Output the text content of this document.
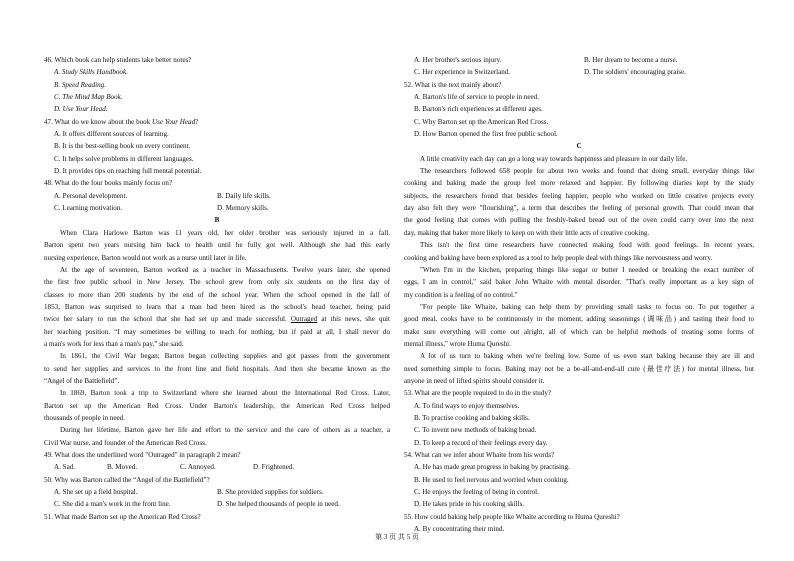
46. Which book can help students take better notes?
A. Study Skills Handbook.
B. Speed Reading.
C. The Mind Map Book.
D. Use Your Head.
47. What do we know about the book Use Your Head?
A. It offers different sources of learning.
B. It is the best-selling book on every continent.
C. It helps solve problems in different languages.
D. It provides tips on reaching full mental potential.
48. What do the four books mainly focus on?
A. Personal development.	B. Daily life skills.
C. Learning motivation.	D. Memory skills.
B
When Clara Harlowe Barton was 11 years old, her older brother was seriously injured in a fall.
Barton spent two years nursing him back to health until he fully got well. Although she had this early
nursing experience, Barton would not work as a nurse until later in life.
At the age of seventeen, Barton worked as a teacher in Massachusetts. Twelve years later, she opened
the first free public school in New Jersey. The school grew from only six students on the first day of
classes to more than 200 students by the end of the school year. When the school opened in the fall of
1853, Barton was surprised to learn that a man had been hired as the school's head teacher, being paid
twice her salary to run the school that she had set up and made successful. Outraged at this news, she quit
her teaching position. “I may sometimes be willing to teach for nothing, but if paid at all, I shall never do
a man's work for less than a man's pay,” she said.
In 1861, the Civil War began; Barton began collecting supplies and got passes from the government
to send her supplies and services to the front line and field hospitals. And then she became known as the
“Angel of the Battlefield”.
In 1869, Barton took a trip to Switzerland where she learned about the International Red Cross. Later,
Barton set up the American Red Cross. Under Barton's leadership, the American Red Cross helped
thousands of people in need.
During her lifetime, Barton gave her life and effort to the service and the care of others as a teacher, a
Civil War nurse, and founder of the American Red Cross.
49. What does the underlined word "Outraged" in paragraph 2 mean?
A. Sad.	B. Moved.	C. Annoyed.	D. Frightened.
50. Why was Barton called the “Angel of the Battlefield”?
A. She set up a field hospital.	B. She provided supplies for soldiers.
C. She did a man's work in the front line.	D. She helped thousands of people in need.
51. What made Barton set up the American Red Cross?
A. Her brother's serious injury.	B. Her dream to become a nurse.
C. Her experience in Switzerland.	D. The soldiers' encouraging praise.
52. What is the text mainly about?
A. Barton's life of service to people in need.
B. Barton's rich experiences at different ages.
C. Why Barton set up the American Red Cross.
D. How Barton opened the first free public school.
C
A little creativity each day can go a long way towards happiness and pleasure in our daily life.
The researchers followed 658 people for about two weeks and found that doing small, everyday things like
cooking and baking made the group feel more relaxed and happier. By following diaries kept by the study
subjects, the researchers found that besides feeling happier, people who worked on little creative projects every
day also felt they were "flourishing", a term that describes the feeling of personal growth. That could mean that
the good feeling that comes with pulling the freshly-baked bread out of the oven could carry over into the next
day, making that baker more likely to keep on with their little acts of creative cooking.
This isn't the first time researchers have connected making food with good feelings. In recent years,
cooking and baking have been explored as a tool to help people deal with things like nervousness and worry.
"When I'm in the kitchen, preparing things like sugar or butter I needed or breaking the exact number of
eggs, I am in control," said baker John Whaite with mental disorder. "That's really important as a key sign of
my condition is a feeling of no control."
"For people like Whaite, baking can help them by providing small tasks to focus on. To put together a
good meal, cooks have to be continuously in the moment, adding seasonings (调味品) and tasting their food to
make sure everything will come out alright, all of which can be helpful methods of treating some forms of
mental illness," wrote Huma Qureshi.
A lot of us turn to baking when we're feeling low. Some of us even start baking because they are ill and
need something simple to focus. Baking may not be a be-all-and-end-all cure (最佳疗法) for mental illness, but
anyone in need of lifted spirits should consider it.
53. What are the people required to do in the study?
A. To find ways to enjoy themselves.
B. To practise cooking and baking skills.
C. To invent new methods of baking bread.
D. To keep a record of their feelings every day.
54. What can we infer about Whaite from his words?
A. He has made great progress in baking by practising.
B. He used to feel nervous and worried when cooking.
C. He enjoys the feeling of being in control.
D. He takes pride in his cooking skills.
55. How could baking help people like Whaite according to Huma Qureshi?
A. By concentrating their mind.
第 3 页 共 5 页
